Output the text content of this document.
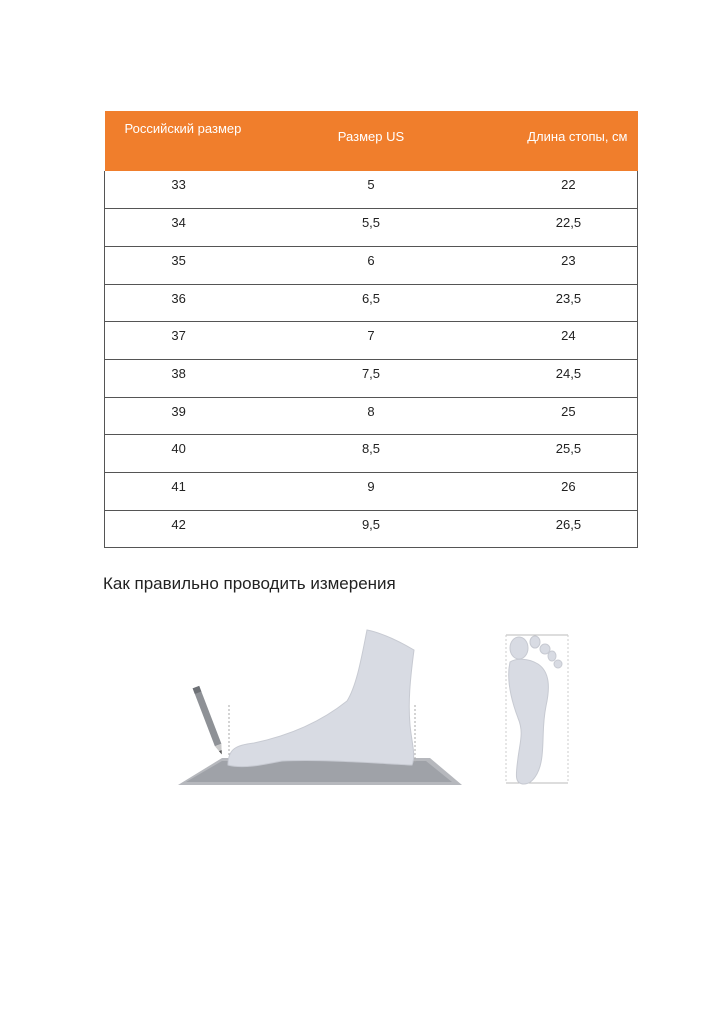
Российский размер	Размер US	Длина стопы, см
33	5	22
34	5,5	22,5
35	6	23
36	6,5	23,5
37	7	24
38	7,5	24,5
39	8	25
40	8,5	25,5
41	9	26
42	9,5	26,5
Как правильно проводить измерения
